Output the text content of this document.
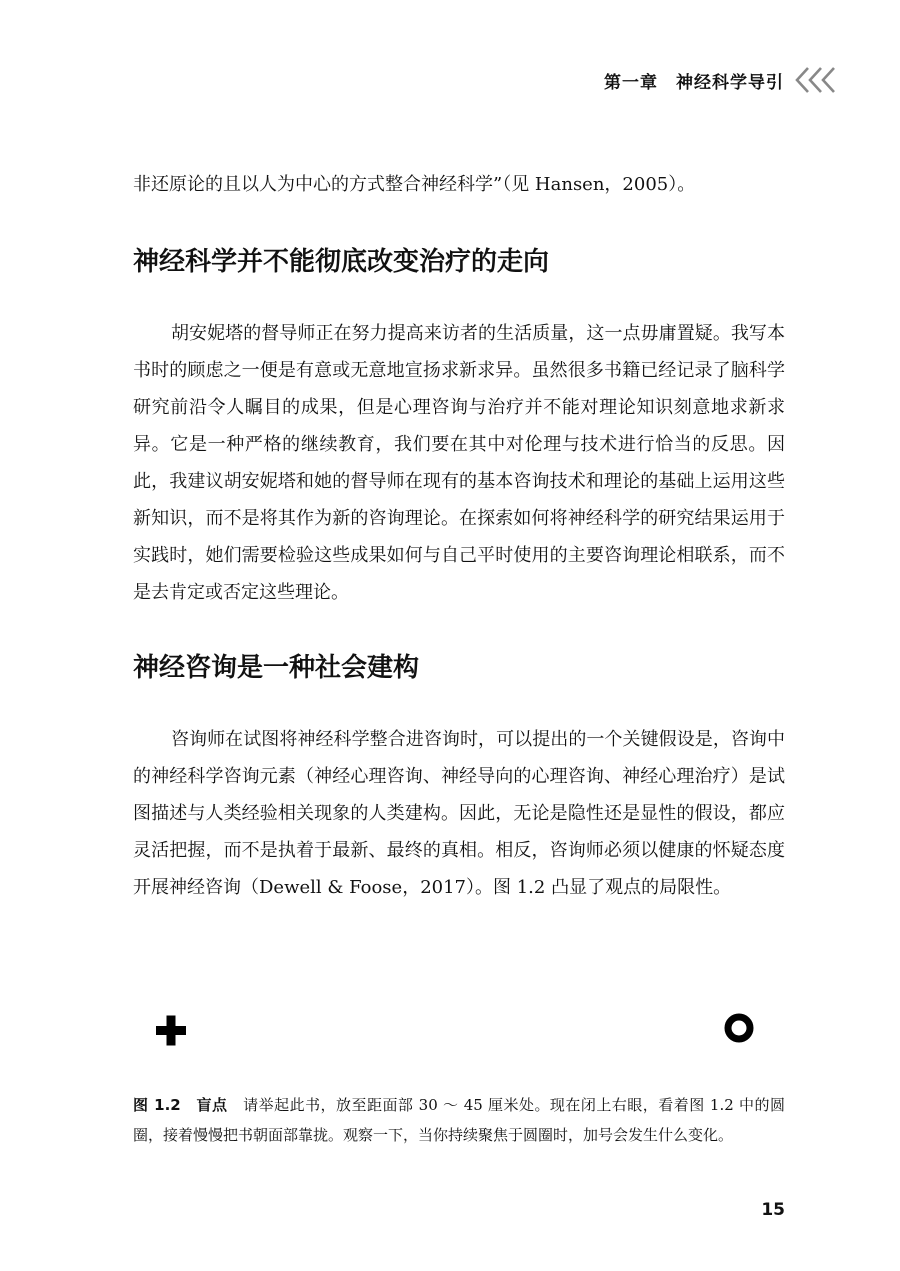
第一章 神经科学导引

非还原论的且以人为中心的方式整合神经科学”（见 Hansen，2005）。

神经科学并不能彻底改变治疗的走向

胡安妮塔的督导师正在努力提高来访者的生活质量，这一点毋庸置疑。我写本书时的顾虑之一便是有意或无意地宣扬求新求异。虽然很多书籍已经记录了脑科学研究前沿令人瞩目的成果，但是心理咨询与治疗并不能对理论知识刻意地求新求异。它是一种严格的继续教育，我们要在其中对伦理与技术进行恰当的反思。因此，我建议胡安妮塔和她的督导师在现有的基本咨询技术和理论的基础上运用这些新知识，而不是将其作为新的咨询理论。在探索如何将神经科学的研究结果运用于实践时，她们需要检验这些成果如何与自己平时使用的主要咨询理论相联系，而不是去肯定或否定这些理论。

神经咨询是一种社会建构

咨询师在试图将神经科学整合进咨询时，可以提出的一个关键假设是，咨询中的神经科学咨询元素（神经心理咨询、神经导向的心理咨询、神经心理治疗）是试图描述与人类经验相关现象的人类建构。因此，无论是隐性还是显性的假设，都应灵活把握，而不是执着于最新、最终的真相。相反，咨询师必须以健康的怀疑态度开展神经咨询（Dewell & Foose，2017）。图 1.2 凸显了观点的局限性。

图 1.2 盲点 请举起此书，放至距面部 30 ～ 45 厘米处。现在闭上右眼，看着图 1.2 中的圆圈，接着慢慢把书朝面部靠拢。观察一下，当你持续聚焦于圆圈时，加号会发生什么变化。

15
